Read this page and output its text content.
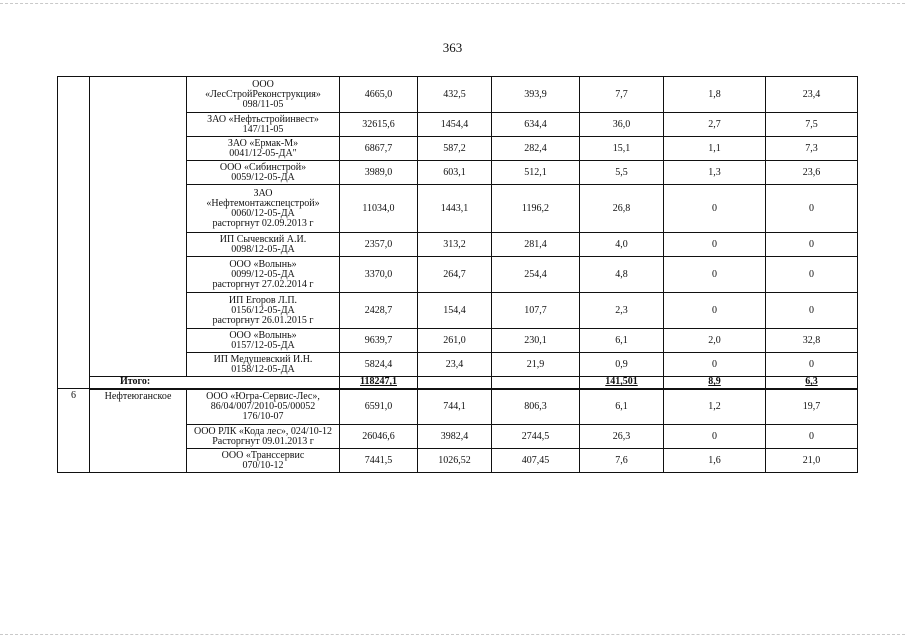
363

		ООО
«ЛесСтройРеконструкция»
098/11-05	4665,0	432,5	393,9	7,7	1,8	23,4

		ЗАО «Нефтьстройинвест»
147/11-05	32615,6	1454,4	634,4	36,0	2,7	7,5

		ЗАО «Ермак-М»
0041/12-05-ДА"	6867,7	587,2	282,4	15,1	1,1	7,3

		ООО «Сибинстрой»
0059/12-05-ДА	3989,0	603,1	512,1	5,5	1,3	23,6

		ЗАО
«Нефтемонтажспецстрой»
0060/12-05-ДА
расторгнут 02.09.2013 г	11034,0	1443,1	1196,2	26,8	0	0

		ИП Сычевский А.И.
0098/12-05-ДА	2357,0	313,2	281,4	4,0	0	0

		ООО «Волынь»
0099/12-05-ДА
расторгнут 27.02.2014 г	3370,0	264,7	254,4	4,8	0	0

		ИП Егоров Л.П.
0156/12-05-ДА
расторгнут 26.01.2015 г	2428,7	154,4	107,7	2,3	0	0

		ООО «Волынь»
0157/12-05-ДА	9639,7	261,0	230,1	6,1	2,0	32,8

		ИП Медушевский И.Н.
0158/12-05-ДА	5824,4	23,4	21,9	0,9	0	0
	Итого:		118247,1			141,501	8,9	6,3
6	Нефтеюганское	ООО «Югра-Сервис-Лес»,
86/04/007/2010-05/00052
176/10-07	6591,0	744,1	806,3	6,1	1,2	19,7

		ООО РЛК «Кода лес», 024/10-12
Расторгнут 09.01.2013 г	26046,6	3982,4	2744,5	26,3	0	0

		ООО «Транссервис
070/10-12	7441,5	1026,52	407,45	7,6	1,6	21,0
